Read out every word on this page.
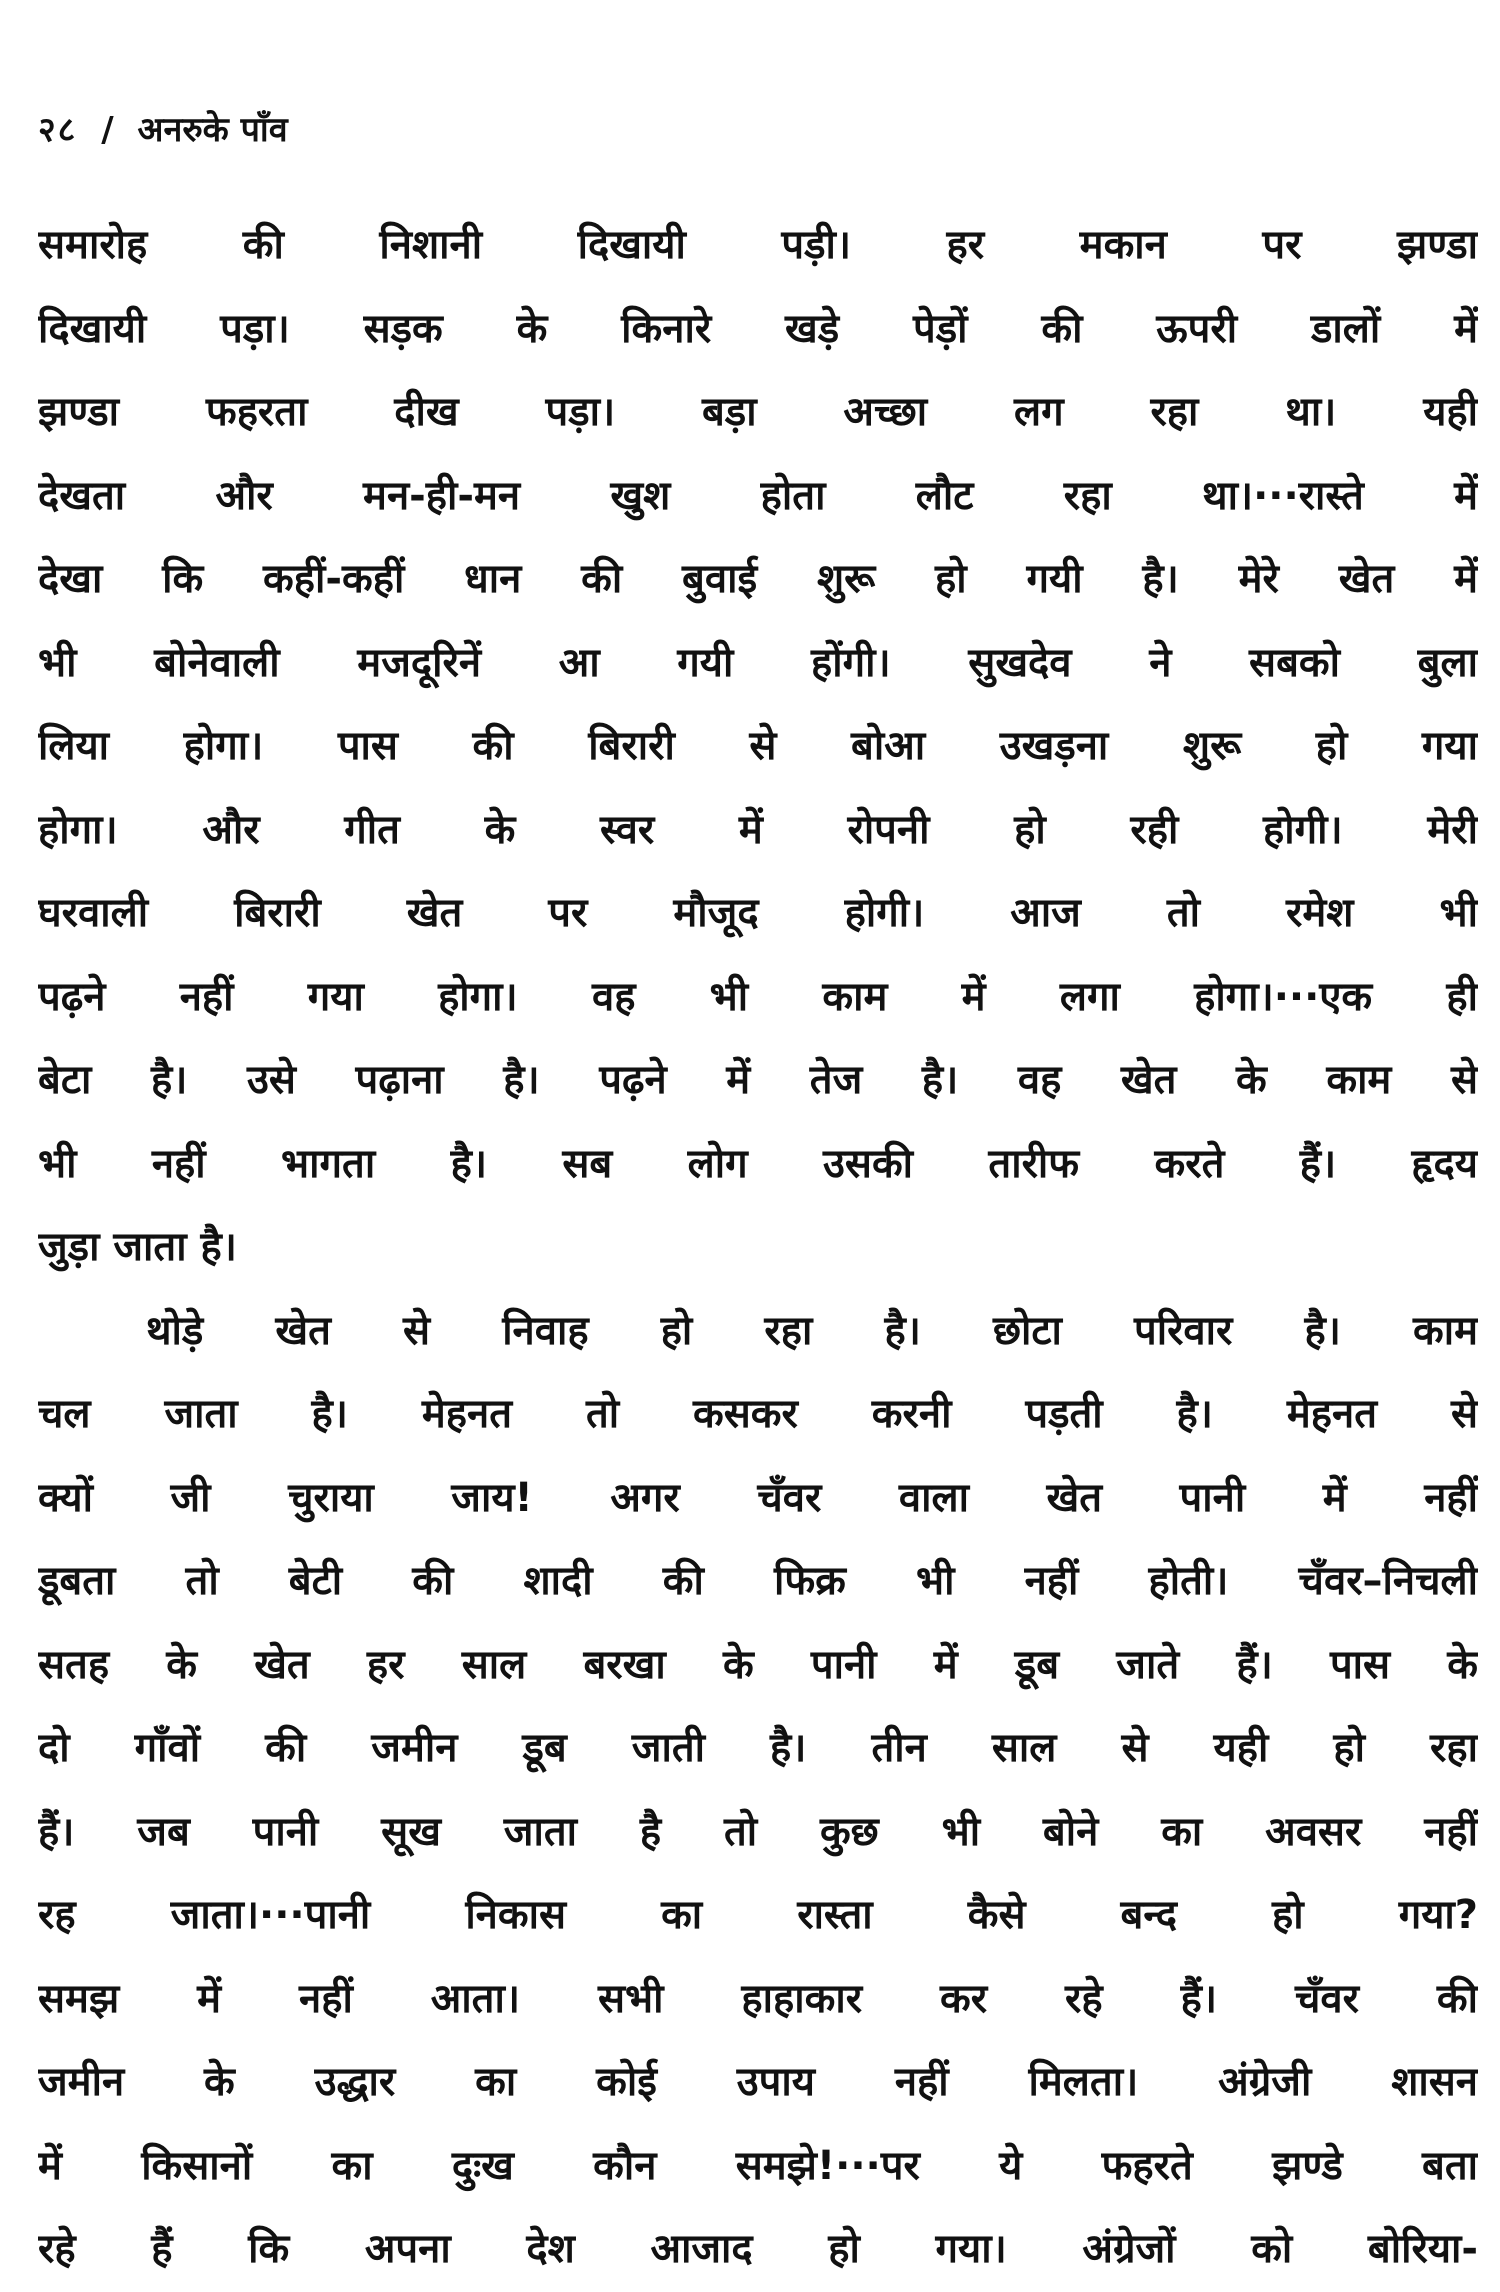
२८ / अनरुके पाँव
समारोह की निशानी दिखायी पड़ी। हर मकान पर झण्डा
दिखायी पड़ा। सड़क के किनारे खड़े पेड़ों की ऊपरी डालों में
झण्डा फहरता दीख पड़ा। बड़ा अच्छा लग रहा था। यही
देखता और मन-ही-मन खुश होता लौट रहा था।···रास्ते में
देखा कि कहीं-कहीं धान की बुवाई शुरू हो गयी है। मेरे खेत में
भी बोनेवाली मजदूरिनें आ गयी होंगी। सुखदेव ने सबको बुला
लिया होगा। पास की बिरारी से बोआ उखड़ना शुरू हो गया
होगा। और गीत के स्वर में रोपनी हो रही होगी। मेरी
घरवाली बिरारी खेत पर मौजूद होगी। आज तो रमेश भी
पढ़ने नहीं गया होगा। वह भी काम में लगा होगा।···एक ही
बेटा है। उसे पढ़ाना है। पढ़ने में तेज है। वह खेत के काम से
भी नहीं भागता है। सब लोग उसकी तारीफ करते हैं। हृदय
जुड़ा जाता है।
थोड़े खेत से निवाह हो रहा है। छोटा परिवार है। काम
चल जाता है। मेहनत तो कसकर करनी पड़ती है। मेहनत से
क्यों जी चुराया जाय! अगर चँवर वाला खेत पानी में नहीं
डूबता तो बेटी की शादी की फिक्र भी नहीं होती। चँवर–निचली
सतह के खेत हर साल बरखा के पानी में डूब जाते हैं। पास के
दो गाँवों की जमीन डूब जाती है। तीन साल से यही हो रहा
हैं। जब पानी सूख जाता है तो कुछ भी बोने का अवसर नहीं
रह जाता।···पानी निकास का रास्ता कैसे बन्द हो गया?
समझ में नहीं आता। सभी हाहाकार कर रहे हैं। चँवर की
जमीन के उद्धार का कोई उपाय नहीं मिलता। अंग्रेजी शासन
में किसानों का दुःख कौन समझे!···पर ये फहरते झण्डे बता
रहे हैं कि अपना देश आजाद हो गया। अंग्रेजों को बोरिया-
